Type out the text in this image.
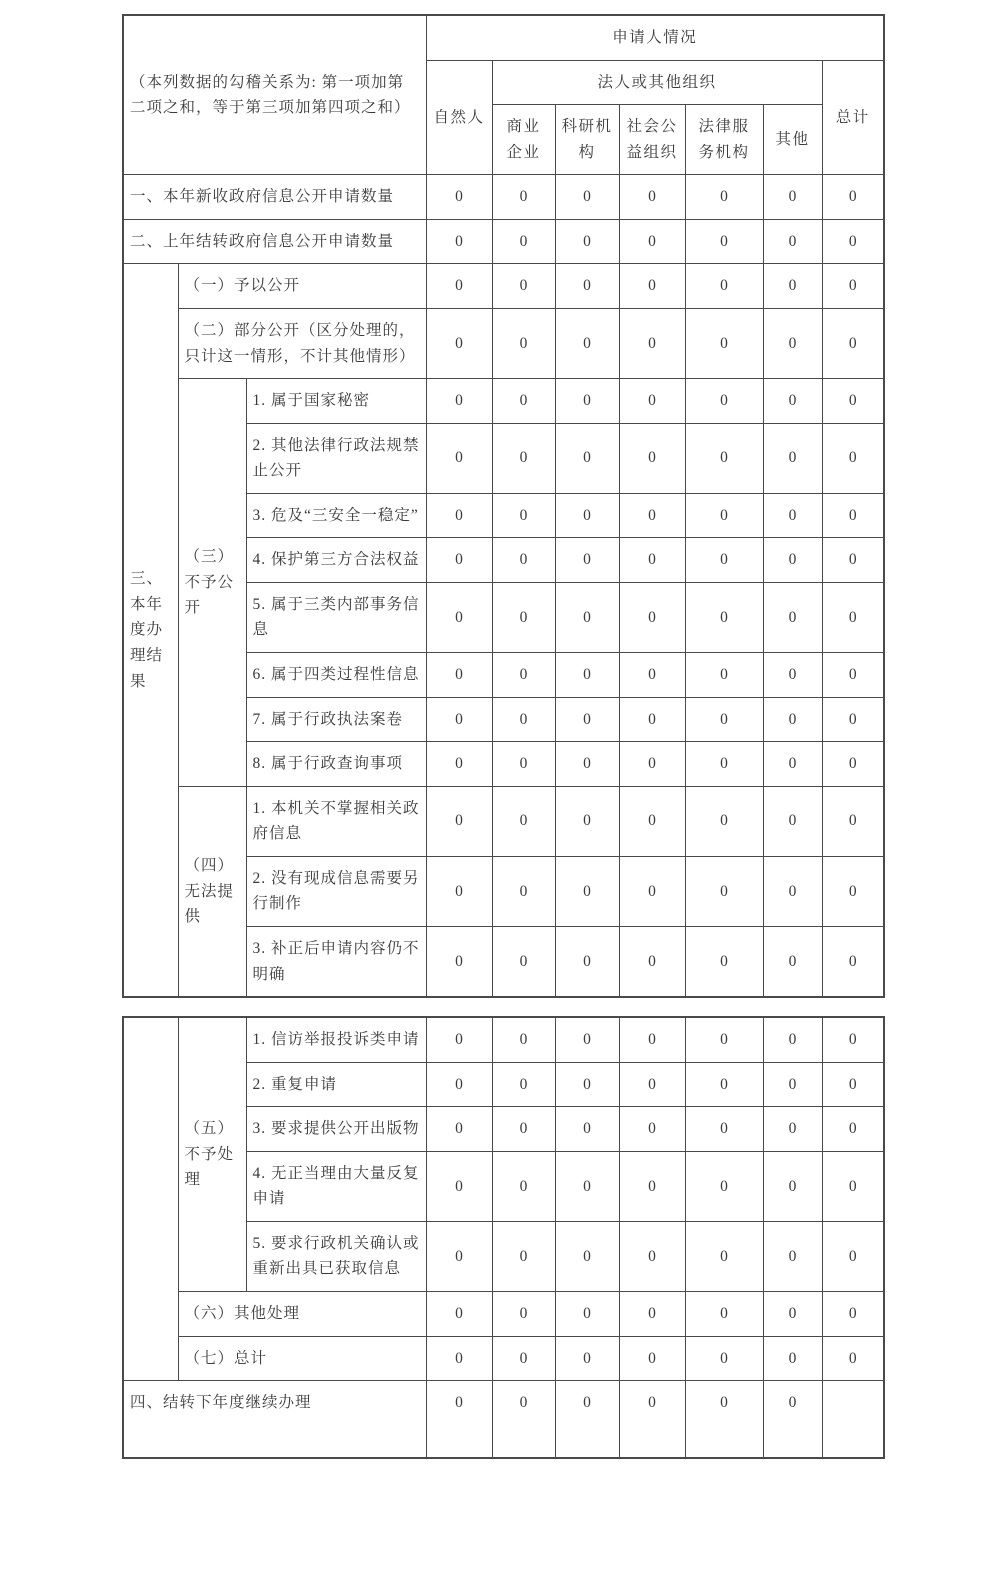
（本列数据的勾稽关系为: 第一项加第二项之和，等于第三项加第四项之和）			申请人情况						
			自然人	法人或其他组织					总计
				商业企业	科研机构	社会公益组织	法律服务机构	其他	
一、本年新收政府信息公开申请数量			0	0	0	0	0	0	0
二、上年结转政府信息公开申请数量			0	0	0	0	0	0	0
三、本年度办理结果	（一）予以公开		0	0	0	0	0	0	0
	（二）部分公开（区分处理的，只计这一情形，不计其他情形）		0	0	0	0	0	0	0
	（三）不予公开	1. 属于国家秘密	0	0	0	0	0	0	0
		2. 其他法律行政法规禁止公开	0	0	0	0	0	0	0
		3. 危及“三安全一稳定”	0	0	0	0	0	0	0
		4. 保护第三方合法权益	0	0	0	0	0	0	0
		5. 属于三类内部事务信息	0	0	0	0	0	0	0
		6. 属于四类过程性信息	0	0	0	0	0	0	0
		7. 属于行政执法案卷	0	0	0	0	0	0	0
		8. 属于行政查询事项	0	0	0	0	0	0	0
	（四）无法提供	1. 本机关不掌握相关政府信息	0	0	0	0	0	0	0
		2. 没有现成信息需要另行制作	0	0	0	0	0	0	0
		3. 补正后申请内容仍不明确	0	0	0	0	0	0	0
	（五）不予处理	1. 信访举报投诉类申请	0	0	0	0	0	0	0
		2. 重复申请	0	0	0	0	0	0	0
		3. 要求提供公开出版物	0	0	0	0	0	0	0
		4. 无正当理由大量反复申请	0	0	0	0	0	0	0
		5. 要求行政机关确认或重新出具已获取信息	0	0	0	0	0	0	0
	（六）其他处理		0	0	0	0	0	0	0
	（七）总计		0	0	0	0	0	0	0
四、结转下年度继续办理			0	0	0	0	0	0	
